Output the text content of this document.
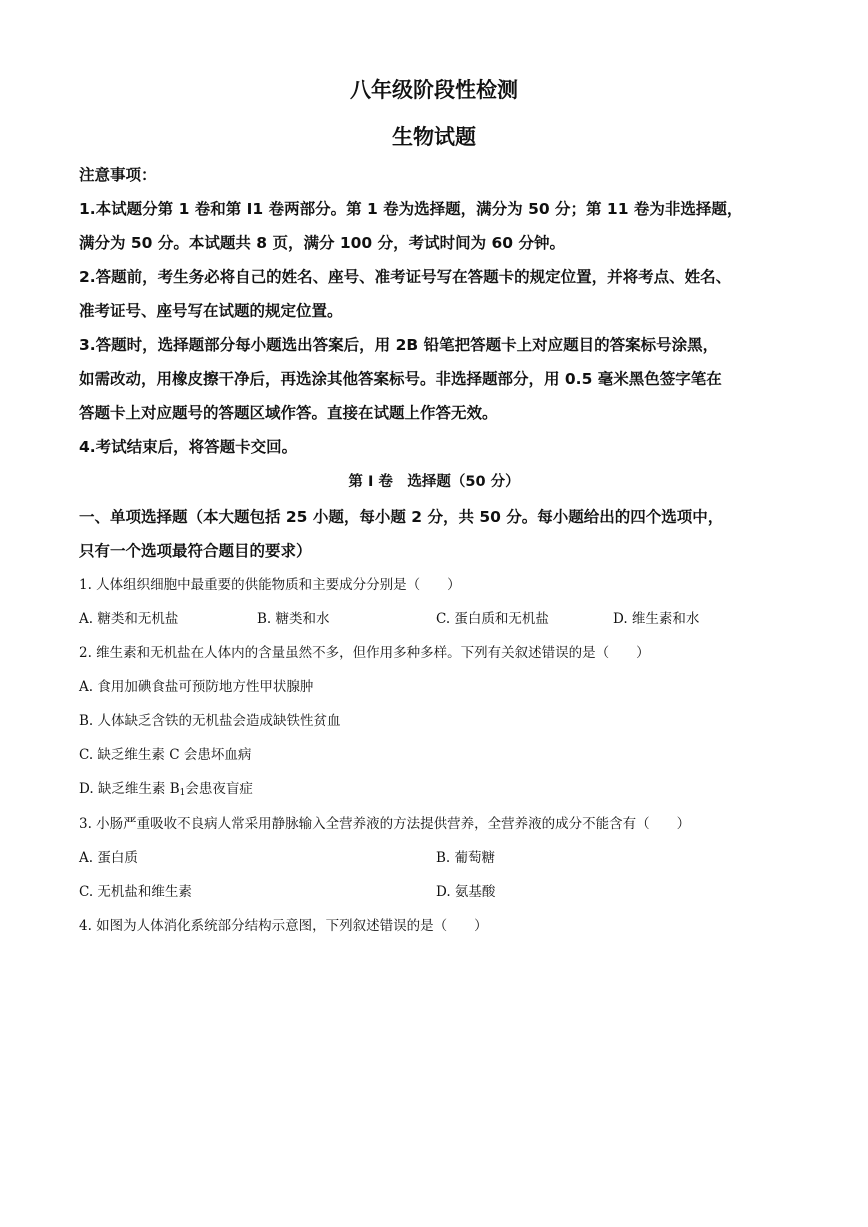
八年级阶段性检测
生物试题
注意事项：
1.本试题分第 1 卷和第 I1 卷两部分。第 1 卷为选择题，满分为 50 分；第 11 卷为非选择题，
满分为 50 分。本试题共 8 页，满分 100 分，考试时间为 60 分钟。
2.答题前，考生务必将自己的姓名、座号、准考证号写在答题卡的规定位置，并将考点、姓名、
准考证号、座号写在试题的规定位置。
3.答题时，选择题部分每小题选出答案后，用 2B 铅笔把答题卡上对应题目的答案标号涂黑，
如需改动，用橡皮擦干净后，再选涂其他答案标号。非选择题部分，用 0.5 毫米黑色签字笔在
答题卡上对应题号的答题区域作答。直接在试题上作答无效。
4.考试结束后，将答题卡交回。
第 I 卷　选择题（50 分）
一、单项选择题（本大题包括 25 小题，每小题 2 分，共 50 分。每小题给出的四个选项中，
只有一个选项最符合题目的要求）
1. 人体组织细胞中最重要的供能物质和主要成分分别是（　　）
A. 糖类和无机盐	B. 糖类和水	C. 蛋白质和无机盐	D. 维生素和水
2. 维生素和无机盐在人体内的含量虽然不多，但作用多种多样。下列有关叙述错误的是（　　）
A. 食用加碘食盐可预防地方性甲状腺肿
B. 人体缺乏含铁的无机盐会造成缺铁性贫血
C. 缺乏维生素 C 会患坏血病
D. 缺乏维生素 $B_1$会患夜盲症
3. 小肠严重吸收不良病人常采用静脉输入全营养液的方法提供营养，全营养液的成分不能含有（　　）
A. 蛋白质	B. 葡萄糖
C. 无机盐和维生素	D. 氨基酸
4. 如图为人体消化系统部分结构示意图，下列叙述错误的是（　　）
